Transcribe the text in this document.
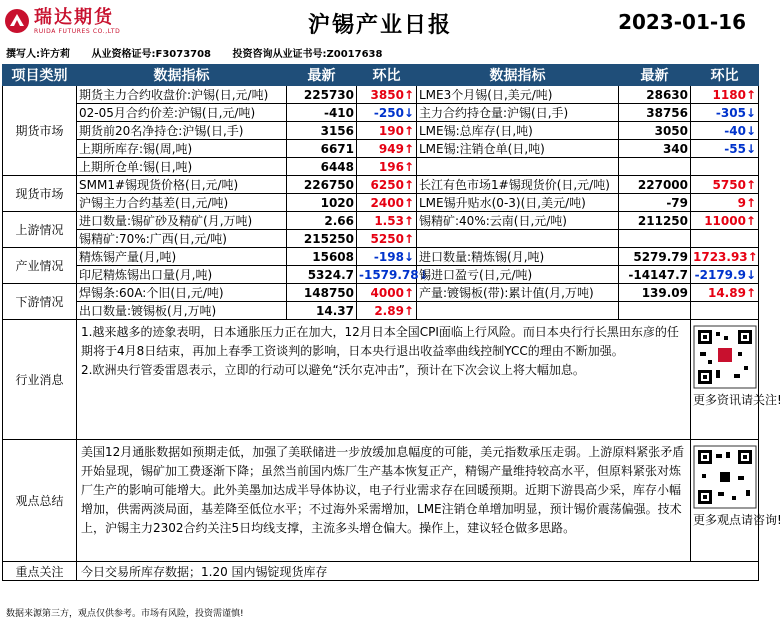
瑞达期货
RUIDA FUTURES CO.,LTD	沪锡产业日报	2023-01-16
撰写人:许方莉 从业资格证号:F3073708 投资咨询从业证书号:Z0017638
项目类别	数据指标	最新	环比	数据指标	最新	环比
期货市场	期货主力合约收盘价:沪锡(日,元/吨)	225730	3850↑	LME3个月锡(日,美元/吨)	28630	1180↑
	02-05月合约价差:沪锡(日,元/吨)	-410	-250↓	主力合约持仓量:沪锡(日,手)	38756	-305↓
	期货前20名净持仓:沪锡(日,手)	3156	190↑	LME锡:总库存(日,吨)	3050	-40↓
	上期所库存:锡(周,吨)	6671	949↑	LME锡:注销仓单(日,吨)	340	-55↓
	上期所仓单:锡(日,吨)	6448	196↑			
现货市场	SMM1#锡现货价格(日,元/吨)	226750	6250↑	长江有色市场1#锡现货价(日,元/吨)	227000	5750↑
	沪锡主力合约基差(日,元/吨)	1020	2400↑	LME锡升贴水(0-3)(日,美元/吨)	-79	9↑
上游情况	进口数量:锡矿砂及精矿(月,万吨)	2.66	1.53↑	锡精矿:40%:云南(日,元/吨)	211250	11000↑
	锡精矿:70%:广西(日,元/吨)	215250	5250↑			
产业情况	精炼锡产量(月,吨)	15608	-198↓	进口数量:精炼锡(月,吨)	5279.79	1723.93↑
	印尼精炼锡出口量(月,吨)	5324.7	-1579.78↓	锡进口盈亏(日,元/吨)	-14147.7	-2179.9↓
下游情况	焊锡条:60A:个旧(日,元/吨)	148750	4000↑	产量:镀锡板(带):累计值(月,万吨)	139.09	14.89↑
	出口数量:镀锡板(月,万吨)	14.37	2.89↑			
行业消息	1.越来越多的迹象表明，日本通胀压力正在加大，12月日本全国CPI面临上行风险。而日本央行行长黑田东彦的任期将于4月8日结束，再加上春季工资谈判的影响，日本央行退出收益率曲线控制YCC的理由不断加强。
2.欧洲央行管委雷恩表示，立即的行动可以避免“沃尔克冲击”，预计在下次会议上将大幅加息。					更多资讯请关注!

观点总结	美国12月通胀数据如预期走低，加强了美联储进一步放缓加息幅度的可能，美元指数承压走弱。上游原料紧张矛盾开始显现，锡矿加工费逐渐下降；虽然当前国内炼厂生产基本恢复正产，精锡产量维持较高水平，但原料紧张对炼厂生产的影响可能增大。此外美墨加达成半导体协议，电子行业需求存在回暖预期。近期下游畏高少采，库存小幅增加，供需两淡局面，基差降至低位水平；不过海外采需增加，LME注销仓单增加明显，预计锡价震荡偏强。技术上，沪锡主力2302合约关注5日均线支撑，主流多头增仓偏大。操作上，建议轻仓做多思路。					更多观点请咨询!

重点关注	今日交易所库存数据；1.20 国内锡锭现货库存					
数据来源第三方，观点仅供参考。市场有风险，投资需谨慎!
